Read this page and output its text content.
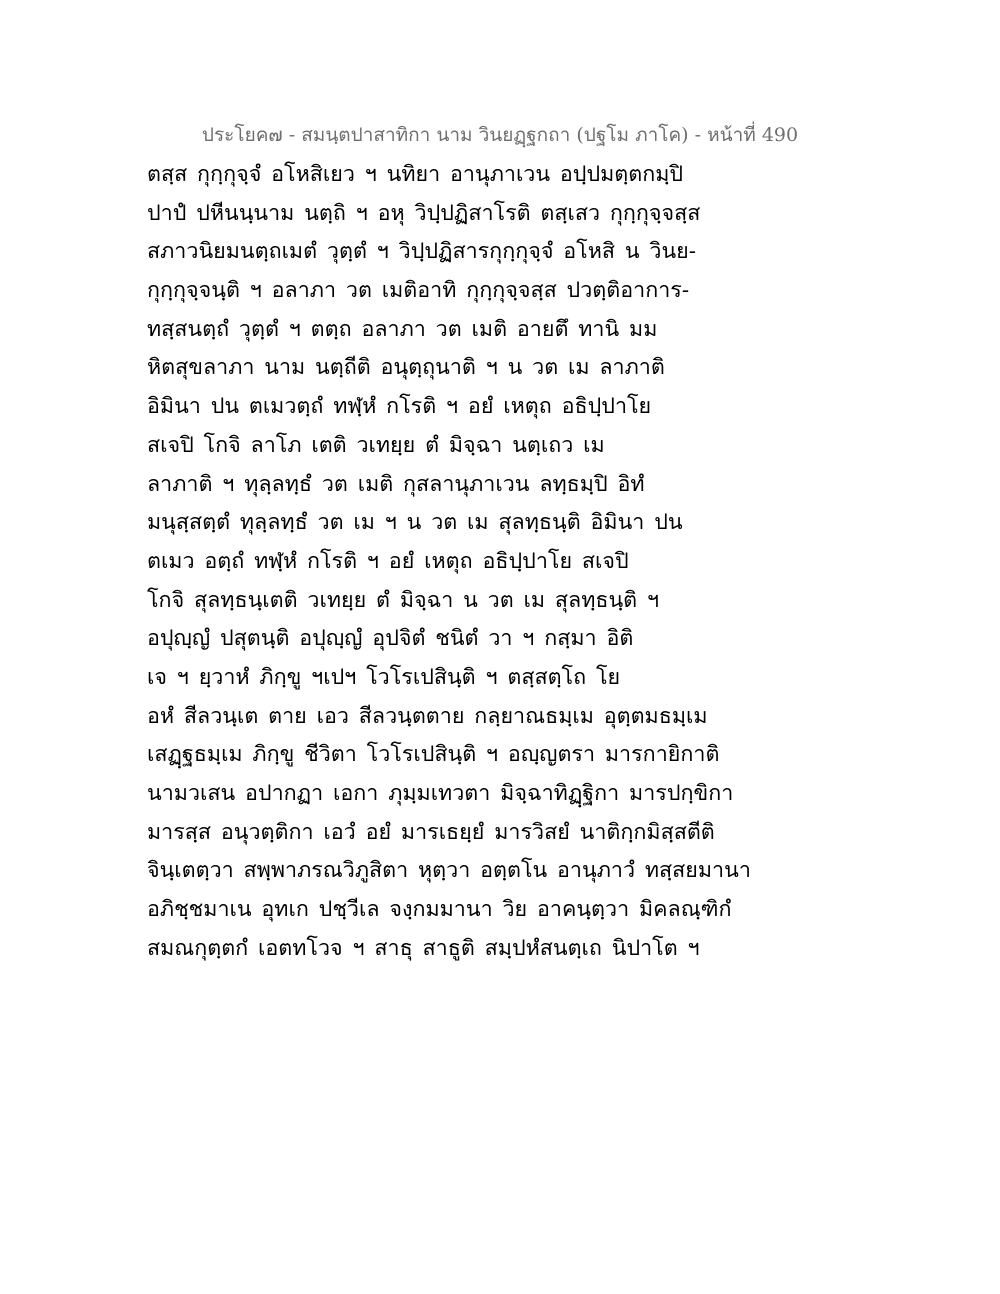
ประโยค๗ - สมนฺตปาสาทิกา นาม วินยฏฺฐกถา (ปฐโม ภาโค) - หน้าที่ 490
ตสฺส กุกฺกุจฺจํ อโหสิเยว ฯ นทิยา อานุภาเวน อปฺปมตฺตกมฺปิ
ปาปํ ปหีนนฺนาม นตฺถิ ฯ อหุ วิปฺปฏิสาโรติ ตสฺเสว กุกฺกุจฺจสฺส
สภาวนิยมนตฺถเมตํ วุตฺตํ ฯ วิปฺปฏิสารกุกฺกุจฺจํ อโหสิ น วินย-
กุกฺกุจฺจนฺติ ฯ อลาภา วต เมติอาทิ กุกฺกุจฺจสฺส ปวตฺติอาการ-
ทสฺสนตฺถํ วุตฺตํ ฯ ตตฺถ อลาภา วต เมติ อายตึ ทานิ มม
หิตสุขลาภา นาม นตฺถีติ อนุตฺถุนาติ ฯ น วต เม ลาภาติ
อิมินา ปน ตเมวตฺถํ ทฬฺหํ กโรติ ฯ อยํ เหตุถ อธิปฺปาโย
สเจปิ โกจิ ลาโภ เตติ วเทยฺย ตํ มิจฺฉา นตฺเถว เม
ลาภาติ ฯ ทุลฺลทฺธํ วต เมติ กุสลานุภาเวน ลทฺธมฺปิ อิทํ
มนุสฺสตฺตํ ทุลฺลทฺธํ วต เม ฯ น วต เม สุลทฺธนฺติ อิมินา ปน
ตเมว อตฺถํ ทฬฺหํ กโรติ ฯ อยํ เหตุถ อธิปฺปาโย สเจปิ
โกจิ สุลทฺธนฺเตติ วเทยฺย ตํ มิจฺฉา น วต เม สุลทฺธนฺติ ฯ
อปุญฺญํ ปสุตนฺติ อปุญฺญํ อุปจิตํ ชนิตํ วา ฯ กสฺมา อิติ
เจ ฯ ยฺวาหํ ภิกฺขู ฯเปฯ โวโรเปสินฺติ ฯ ตสฺสตฺโถ โย
อหํ สีลวนฺเต ตาย เอว สีลวนฺตตาย กลฺยาณธมฺเม อุตฺตมธมฺเม
เสฏฺฐธมฺเม ภิกฺขู ชีวิตา โวโรเปสินฺติ ฯ อญฺญตรา มารกายิกาติ
นามวเสน อปากฏา เอกา ภุมฺมเทวตา มิจฺฉาทิฏฺฐิกา มารปกฺขิกา
มารสฺส อนุวตฺติกา เอวํ อยํ มารเธยฺยํ มารวิสยํ นาติกฺกมิสฺสตีติ
จินฺเตตฺวา สพฺพาภรณวิภูสิตา หุตฺวา อตฺตโน อานุภาวํ ทสฺสยมานา
อภิชฺชมาเน อุทเก ปชฺวีเล จงฺกมมานา วิย อาคนฺตฺวา มิคลณฺฑิกํ
สมณกุตฺตกํ เอตทโวจ ฯ สาธุ สาธูติ สมฺปหํสนตฺเถ นิปาโต ฯ
